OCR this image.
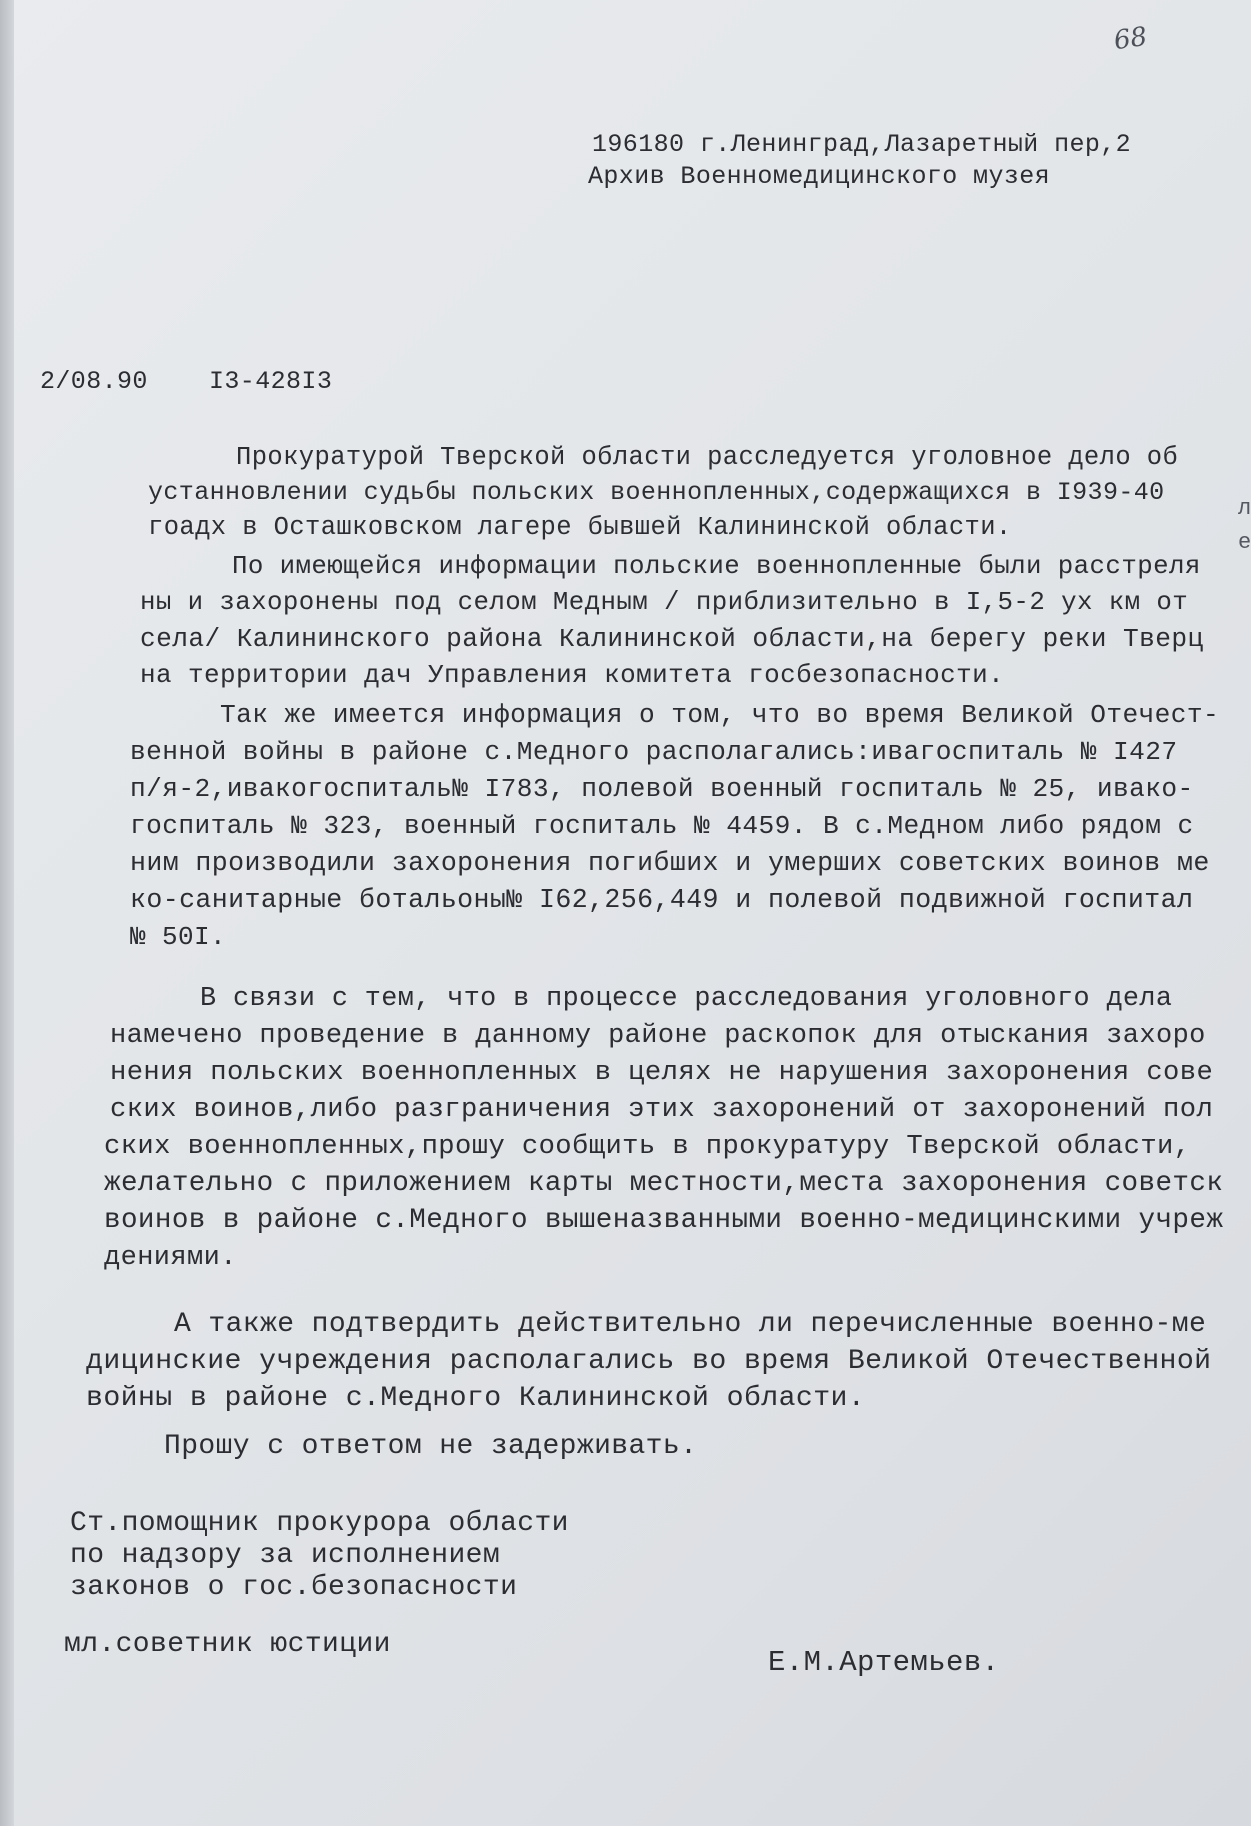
68
196180 г.Ленинград,Лазаретный пер,2
Архив Военномедицинского музея
2/08.90 I3-428I3
Прокуратурой Тверской области расследуется уголовное дело об
устанновлении судьбы польских военнопленных,содержащихся в I939-40
гоадх в Осташковском лагере бывшей Калининской области.
По имеющейся информации польские военнопленные были расстреля
ны и захоронены под селом Медным / приблизительно в I,5-2 ух км от
села/ Калининского района Калининской области,на берегу реки Тверц
на территории дач Управления комитета госбезопасности.
Так же имеется информация о том, что во время Великой Отечест-
венной войны в районе с.Медного располагались:ивагоспиталь № I427
п/я-2,ивакогоспиталь№ I783, полевой военный госпиталь № 25, ивако-
госпиталь № 323, военный госпиталь № 4459. В с.Медном либо рядом с
ним производили захоронения погибших и умерших советских воинов ме
ко-санитарные ботальоны№ I62,256,449 и полевой подвижной госпитал
№ 50I.
В связи с тем, что в процессе расследования уголовного дела
намечено проведение в данному районе раскопок для отыскания захоро
нения польских военнопленных в целях не нарушения захоронения сове
ских воинов,либо разграничения этих захоронений от захоронений пол
ских военнопленных,прошу сообщить в прокуратуру Тверской области,
желательно с приложением карты местности,места захоронения советск
воинов в районе с.Медного вышеназванными военно-медицинскими учреж
дениями.
А также подтвердить действительно ли перечисленные военно-ме
дицинские учреждения располагались во время Великой Отечественной
войны в районе с.Медного Калининской области.
Прошу с ответом не задерживать.
Ст.помощник прокурора области
по надзору за исполнением
законов о гос.безопасности
мл.советник юстиции
Е.М.Артемьев.
л
е
